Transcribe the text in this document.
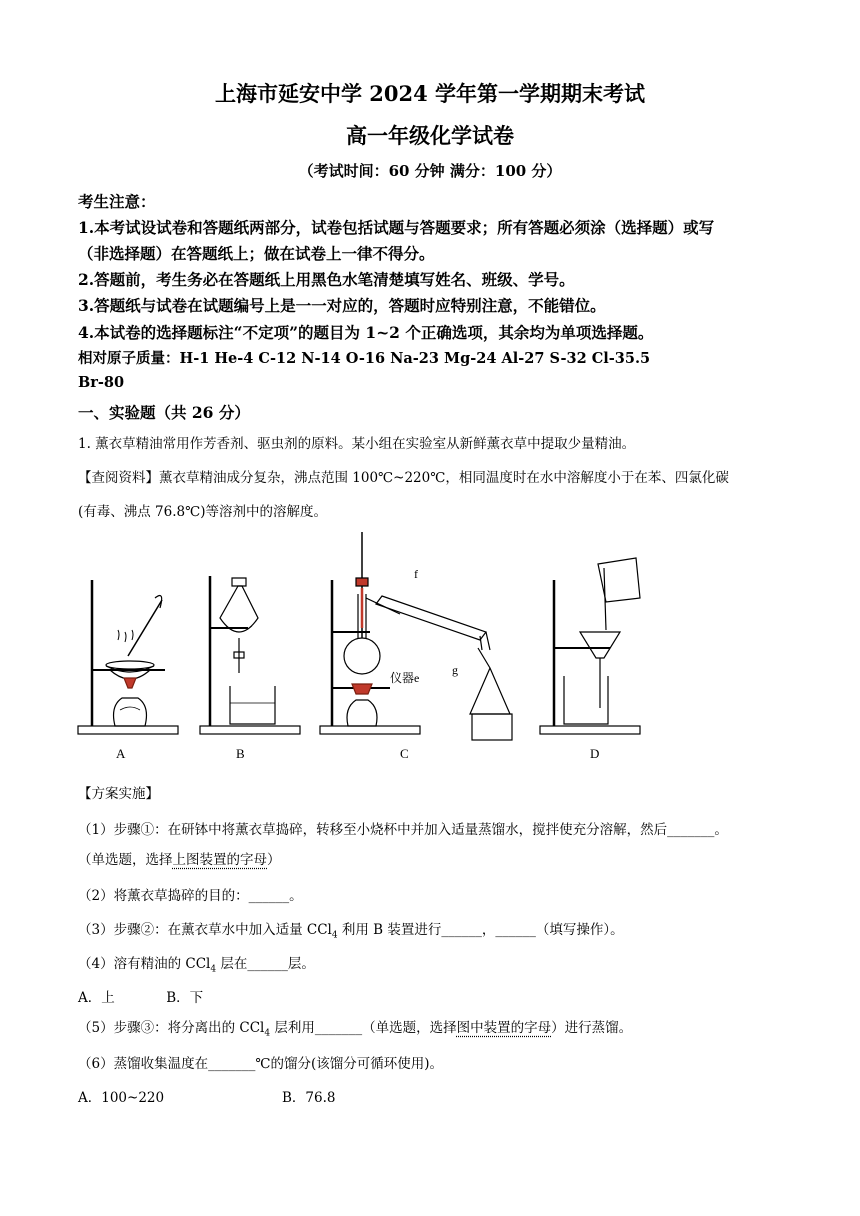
上海市延安中学 2024 学年第一学期期末考试
高一年级化学试卷
（考试时间：60 分钟 满分：100 分）
考生注意：
1.本考试设试卷和答题纸两部分，试卷包括试题与答题要求；所有答题必须涂（选择题）或写
（非选择题）在答题纸上；做在试卷上一律不得分。
2.答题前，考生务必在答题纸上用黑色水笔清楚填写姓名、班级、学号。
3.答题纸与试卷在试题编号上是一一对应的，答题时应特别注意，不能错位。
4.本试卷的选择题标注“不定项”的题目为 1~2 个正确选项，其余均为单项选择题。
相对原子质量：H-1 He-4 C-12 N-14 O-16 Na-23 Mg-24 Al-27 S-32 Cl-35.5
Br-80
一、实验题（共 26 分）
1. 薰衣草精油常用作芳香剂、驱虫剂的原料。某小组在实验室从新鲜薰衣草中提取少量精油。
【查阅资料】薰衣草精油成分复杂，沸点范围 100℃~220℃，相同温度时在水中溶解度小于在苯、四氯化碳
(有毒、沸点 76.8℃)等溶剂中的溶解度。
f
g
仪器e
A	B	C	D
【方案实施】
（1）步骤①：在研钵中将薰衣草捣碎，转移至小烧杯中并加入适量蒸馏水，搅拌使充分溶解，然后_______。
（单选题，选择上图装置的字母）
（2）将薰衣草捣碎的目的：______。
（3）步骤②：在薰衣草水中加入适量 CCl$_4$ 利用 B 装置进行______，______（填写操作）。
（4）溶有精油的 CCl$_4$ 层在______层。
A．上            B．下
（5）步骤③：将分离出的 CCl$_4$ 层利用_______（单选题，选择图中装置的字母）进行蒸馏。
（6）蒸馏收集温度在_______℃的馏分(该馏分可循环使用)。
A．100~220	B．76.8
